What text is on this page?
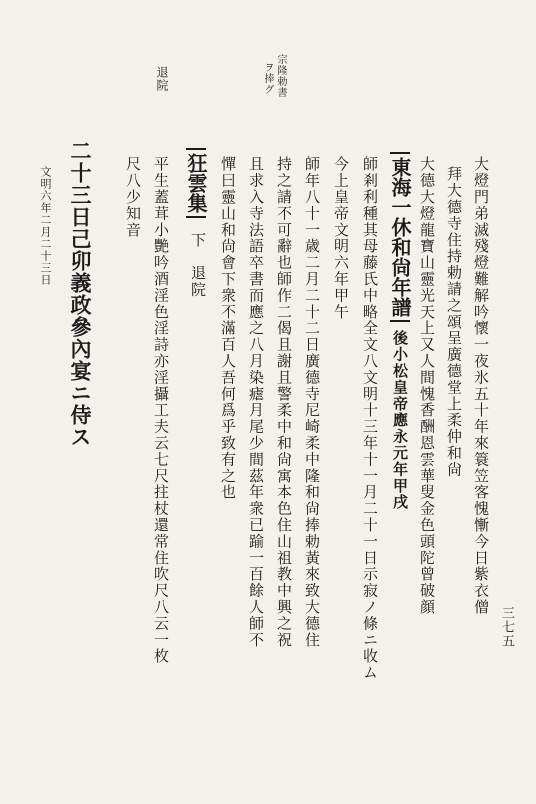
宗隆勅書
ヲ捧グ
退院
大燈門弟滅殘燈難解吟懷一夜氷五十年來簑笠客愧慚今日紫衣僧
拜大德寺住持勅請之頌呈廣德堂上柔仲和尙
大德大燈龍寶山靈光天上又人間愧香酬恩雲華叟金色頭陀曾破顔
東海一休和尙年譜
後小松皇帝應永元年甲戌
師剎利種其母藤氏中略全文八文明十三年十一月二十一日示寂ノ條ニ收ム
今上皇帝文明六年甲午
師年八十一歳二月二十二日廣德寺尼崎柔中隆和尙捧勅黃來致大德住
持之請不可辭也師作二偈且謝且警柔中和尙寓本色住山祖教中興之祝
且求入寺法語卒書而應之八月染瘧月尾少間茲年衆已踰一百餘人師不
憚曰靈山和尙會下衆不滿百人吾何爲乎致有之也
狂雲集
下　退院
平生蓋茸小艷吟酒淫色淫詩亦淫攝工夫云七尺拄杖還常住吹尺八云一枚
尺八少知音
二十三日己卯義政參內宴ニ侍ス
文明六年二月二十三日
三七五
